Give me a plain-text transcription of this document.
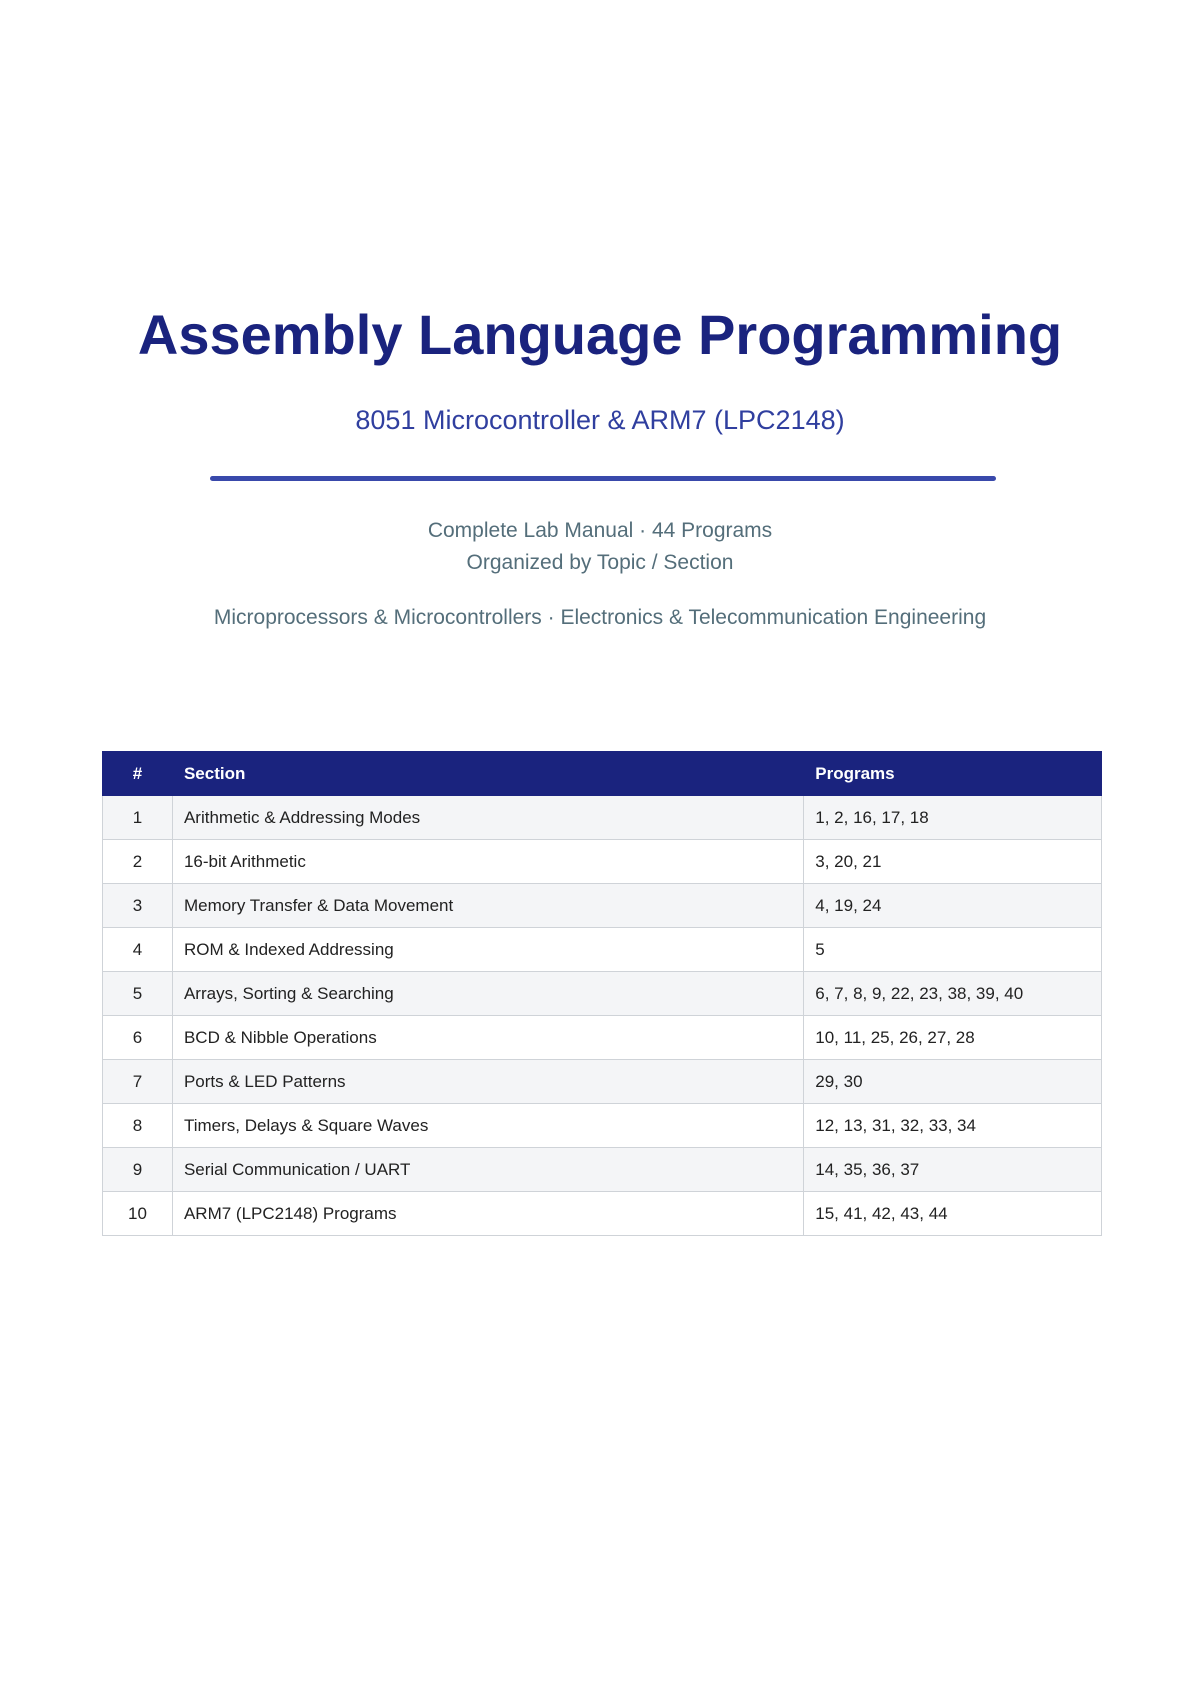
Assembly Language Programming
8051 Microcontroller & ARM7 (LPC2148)
Complete Lab Manual · 44 Programs
Organized by Topic / Section
Microprocessors & Microcontrollers · Electronics & Telecommunication Engineering
#	Section	Programs
1	Arithmetic & Addressing Modes	1, 2, 16, 17, 18
2	16-bit Arithmetic	3, 20, 21
3	Memory Transfer & Data Movement	4, 19, 24
4	ROM & Indexed Addressing	5
5	Arrays, Sorting & Searching	6, 7, 8, 9, 22, 23, 38, 39, 40
6	BCD & Nibble Operations	10, 11, 25, 26, 27, 28
7	Ports & LED Patterns	29, 30
8	Timers, Delays & Square Waves	12, 13, 31, 32, 33, 34
9	Serial Communication / UART	14, 35, 36, 37
10	ARM7 (LPC2148) Programs	15, 41, 42, 43, 44
